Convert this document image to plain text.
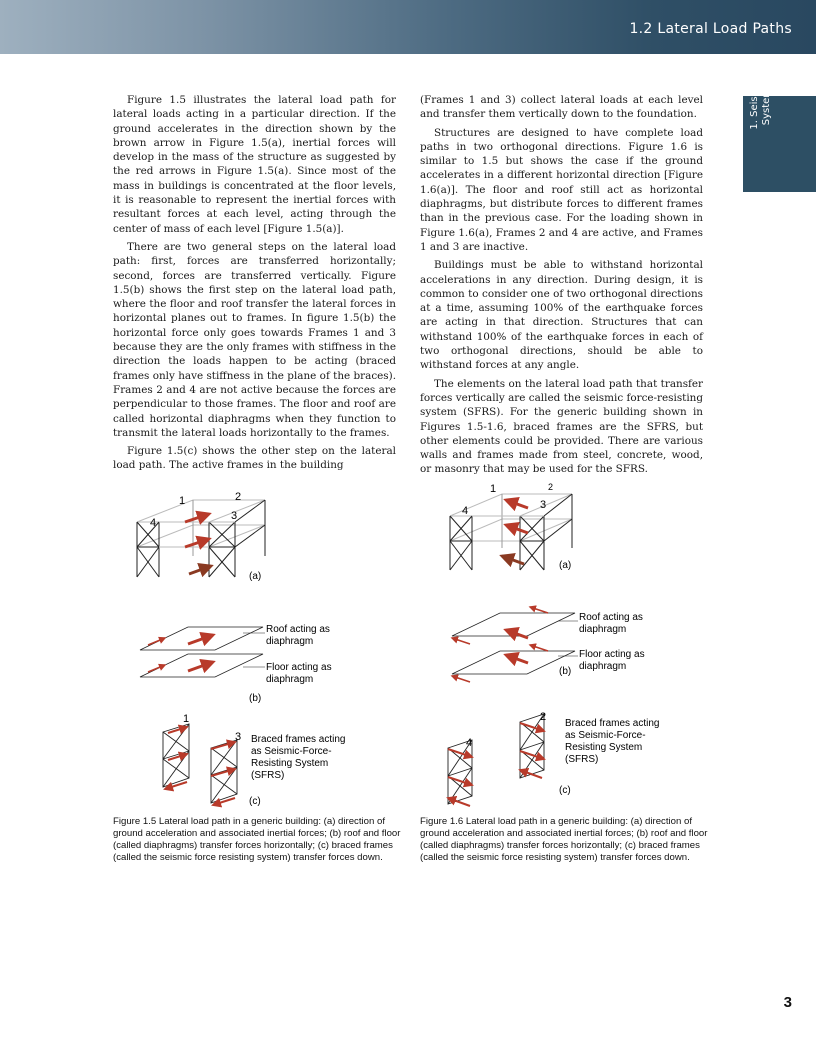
1.2 Lateral Load Paths
1. Seismic Systems

Figure 1.5 illustrates the lateral load path for lateral loads acting in a particular direction. If the ground accelerates in the direction shown by the brown arrow in Figure 1.5(a), inertial forces will develop in the mass of the structure as suggested by the red arrows in Figure 1.5(a). Since most of the mass in buildings is concentrated at the floor levels, it is reasonable to represent the inertial forces with resultant forces at each level, acting through the center of mass of each level [Figure 1.5(a)].

There are two general steps on the lateral load path: first, forces are transferred horizontally; second, forces are transferred vertically. Figure 1.5(b) shows the first step on the lateral load path, where the floor and roof transfer the lateral forces in horizontal planes out to frames. In figure 1.5(b) the horizontal force only goes towards Frames 1 and 3 because they are the only frames with stiffness in the direction the loads happen to be acting (braced frames only have stiffness in the plane of the braces). Frames 2 and 4 are not active because the forces are perpendicular to those frames. The floor and roof are called horizontal diaphragms when they function to transmit the lateral loads horizontally to the frames.

Figure 1.5(c) shows the other step on the lateral load path. The active frames in the building

(Frames 1 and 3) collect lateral loads at each level and transfer them vertically down to the foundation.

Structures are designed to have complete load paths in two orthogonal directions. Figure 1.6 is similar to 1.5 but shows the case if the ground accelerates in a different horizontal direction [Figure 1.6(a)]. The floor and roof still act as horizontal diaphragms, but distribute forces to different frames than in the previous case. For the loading shown in Figure 1.6(a), Frames 2 and 4 are active, and Frames 1 and 3 are inactive.

Buildings must be able to withstand horizontal accelerations in any direction. During design, it is common to consider one of two orthogonal directions at a time, assuming 100% of the earthquake forces are acting in that direction. Structures that can withstand 100% of the earthquake forces in each of two orthogonal directions, should be able to withstand forces at any angle.

The elements on the lateral load path that transfer forces vertically are called the seismic force-resisting system (SFRS). For the generic building shown in Figures 1.5-1.6, braced frames are the SFRS, but other elements could be provided. There are various walls and frames made from steel, concrete, wood, or masonry that may be used for the SFRS.

1	2
3
4
(a)
Roof acting as
diaphragm
Floor acting as
diaphragm
(b)
1
3 Braced frames acting
as Seismic-Force-
Resisting System
(SFRS)
(c)
1	2
3
4
(a)
Roof acting as
diaphragm
Floor acting as
diaphragm
(b)
4
2
Braced frames acting
as Seismic-Force-
Resisting System
(SFRS)
(c)
Figure 1.5 Lateral load path in a generic building: (a) direction of ground acceleration and associated inertial forces; (b) roof and floor (called diaphragms) transfer forces horizontally; (c) braced frames (called the seismic force resisting system) transfer forces down.
Figure 1.6 Lateral load path in a generic building: (a) direction of ground acceleration and associated inertial forces; (b) roof and floor (called diaphragms) transfer forces horizontally; (c) braced frames (called the seismic force resisting system) transfer forces down.
3
